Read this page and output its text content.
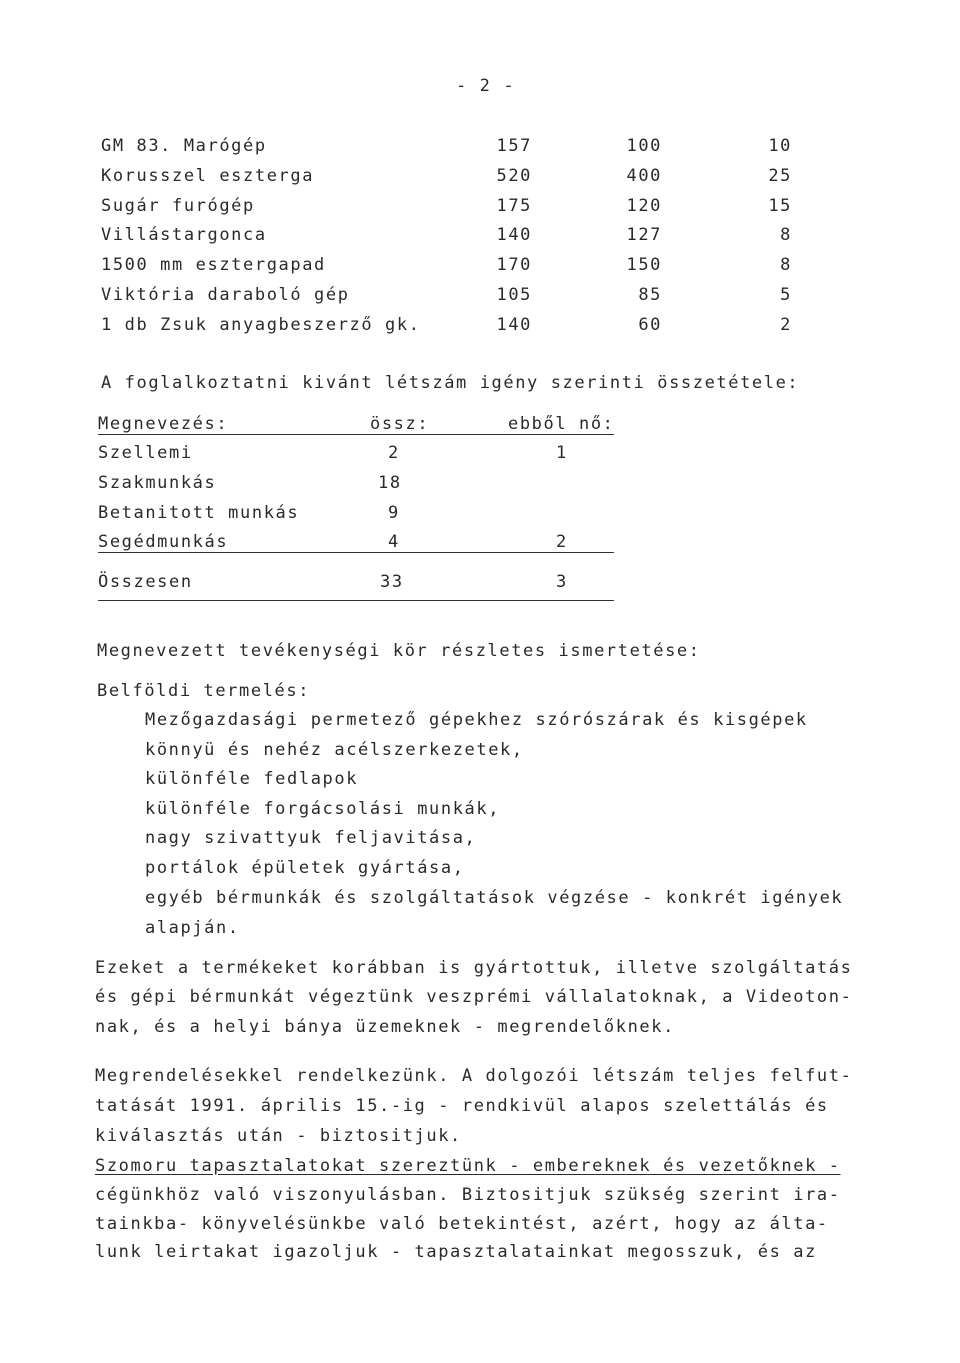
- 2 -
GM 83. Marógép	157	100	10
Korusszel esztergа	520	400	25
Sugár furógép	175	120	15
Villástargonca	140	127	8
1500 mm esztergapad	170	150	8
Viktória daraboló gép	105	85	5
1 db Zsuk anyagbeszerző gk.	140	60	2
A foglalkoztatni kivánt létszám igény szerinti összetétele:
Megnevezés:	össz:	ebből nő:
Szellemi	2	1
Szakmunkás	18
Betanitott munkás	9
Segédmunkás	4	2
Összesen	33	3
Megnevezett tevékenységi kör részletes ismertetése:
Belföldi termelés:
Mezőgazdasági permetező gépekhez szórószárak és kisgépek
könnyü és nehéz acélszerkezetek,
különféle fedlapok
különféle forgácsolási munkák,
nagy szivattyuk feljavitása,
portálok épületek gyártása,
egyéb bérmunkák és szolgáltatások végzése - konkrét igények
alapján.
Ezeket a termékeket korábban is gyártottuk, illetve szolgáltatás
és gépi bérmunkát végeztünk veszprémi vállalatoknak, a Videoton-
nak, és a helyi bánya üzemeknek - megrendelőknek.
Megrendelésekkel rendelkezünk. A dolgozói létszám teljes felfut-
tatását 1991. április 15.-ig - rendkivül alapos szelettálás és
kiválasztás után - biztositjuk.
Szomoru tapasztalatokat szereztünk - embereknek és vezetőknek -
cégünkhöz való viszonyulásban. Biztositjuk szükség szerint ira-
tainkba- könyvelésünkbe való betekintést, azért, hogy az álta-
lunk leirtakat igazoljuk - tapasztalatainkat megosszuk, és az
